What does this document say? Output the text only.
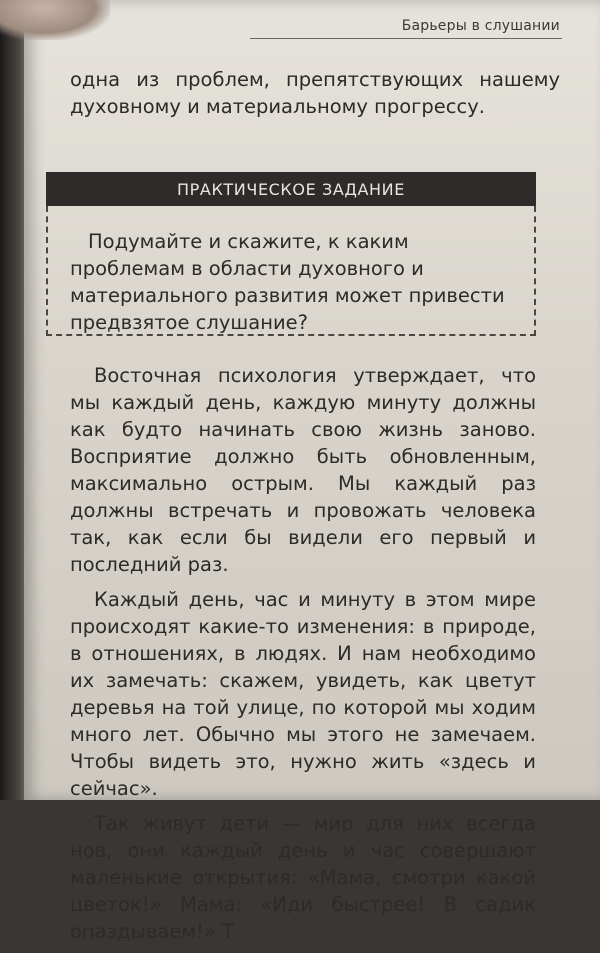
Барьеры в слушании
одна из проблем, препятствующих нашему духовному и материальному прогрессу.
ПРАКТИЧЕСКОЕ ЗАДАНИЕ
Подумайте и скажите, к каким проблемам в области духовного и материального развития может привести предвзятое слушание?

Восточная психология утверждает, что мы каждый день, каждую минуту должны как будто начинать свою жизнь заново. Восприятие должно быть обновленным, максимально острым. Мы каждый раз должны встречать и провожать человека так, как если бы видели его первый и последний раз.

Каждый день, час и минуту в этом мире происходят какие-то изменения: в природе, в отношениях, в людях. И нам необходимо их замечать: скажем, увидеть, как цветут деревья на той улице, по которой мы ходим много лет. Обычно мы этого не замечаем. Чтобы видеть это, нужно жить «здесь и сейчас».

Так живут дети — мир для них всегда нов, они каждый день и час совершают маленькие открытия: «Мама, смотри какой цветок!» Мама: «Иди быстрее! В садик опаздываем!» Т
